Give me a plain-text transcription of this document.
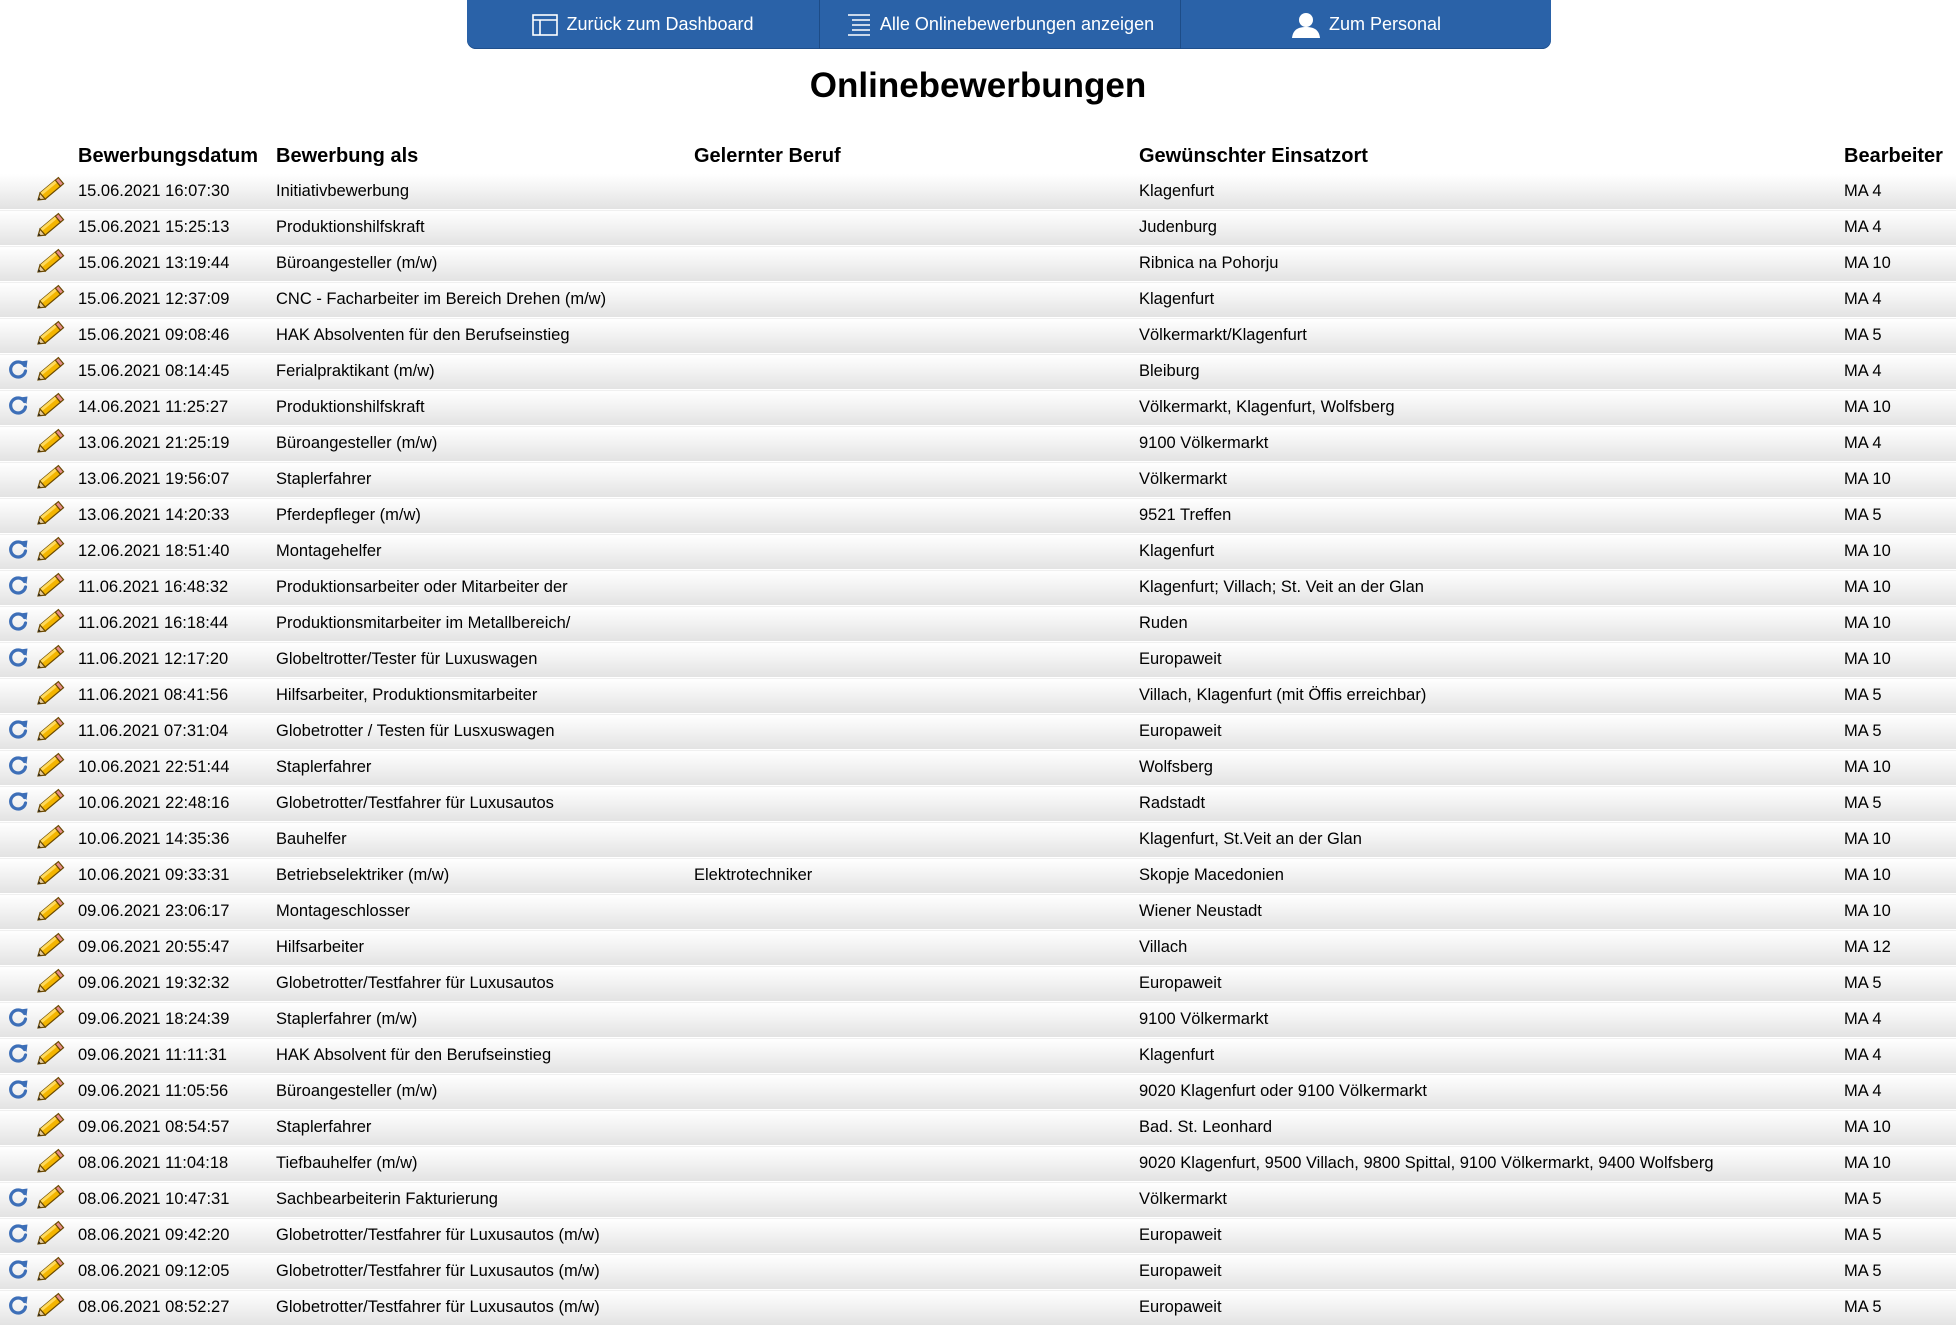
Zurück zum Dashboard	Alle Onlinebewerbungen anzeigen	Zum Personal
Onlinebewerbungen
		Bewerbungsdatum	Bewerbung als	Gelernter Beruf	Gewünschter Einsatzort	Bearbeiter

	15.06.2021 16:07:30	Initiativbewerbung		Klagenfurt	MA 4

	15.06.2021 15:25:13	Produktionshilfskraft		Judenburg	MA 4

	15.06.2021 13:19:44	Büroangesteller (m/w)		Ribnica na Pohorju	MA 10

	15.06.2021 12:37:09	CNC - Facharbeiter im Bereich Drehen (m/w)		Klagenfurt	MA 4

	15.06.2021 09:08:46	HAK Absolventen für den Berufseinstieg		Völkermarkt/Klagenfurt	MA 5

	15.06.2021 08:14:45	Ferialpraktikant (m/w)		Bleiburg	MA 4

	14.06.2021 11:25:27	Produktionshilfskraft		Völkermarkt, Klagenfurt, Wolfsberg	MA 10

	13.06.2021 21:25:19	Büroangesteller (m/w)		9100 Völkermarkt	MA 4

	13.06.2021 19:56:07	Staplerfahrer		Völkermarkt	MA 10

	13.06.2021 14:20:33	Pferdepfleger (m/w)		9521 Treffen	MA 5

	12.06.2021 18:51:40	Montagehelfer		Klagenfurt	MA 10

	11.06.2021 16:48:32	Produktionsarbeiter oder Mitarbeiter der		Klagenfurt; Villach; St. Veit an der Glan	MA 10

	11.06.2021 16:18:44	Produktionsmitarbeiter im Metallbereich/		Ruden	MA 10

	11.06.2021 12:17:20	Globeltrotter/Tester für Luxuswagen		Europaweit	MA 10

	11.06.2021 08:41:56	Hilfsarbeiter, Produktionsmitarbeiter		Villach, Klagenfurt (mit Öffis erreichbar)	MA 5

	11.06.2021 07:31:04	Globetrotter / Testen für Lusxuswagen		Europaweit	MA 5

	10.06.2021 22:51:44	Staplerfahrer		Wolfsberg	MA 10

	10.06.2021 22:48:16	Globetrotter/Testfahrer für Luxusautos		Radstadt	MA 5

	10.06.2021 14:35:36	Bauhelfer		Klagenfurt, St.Veit an der Glan	MA 10

	10.06.2021 09:33:31	Betriebselektriker (m/w)	Elektrotechniker	Skopje Macedonien	MA 10

	09.06.2021 23:06:17	Montageschlosser		Wiener Neustadt	MA 10

	09.06.2021 20:55:47	Hilfsarbeiter		Villach	MA 12

	09.06.2021 19:32:32	Globetrotter/Testfahrer für Luxusautos		Europaweit	MA 5

	09.06.2021 18:24:39	Staplerfahrer (m/w)		9100 Völkermarkt	MA 4

	09.06.2021 11:11:31	HAK Absolvent für den Berufseinstieg		Klagenfurt	MA 4

	09.06.2021 11:05:56	Büroangesteller (m/w)		9020 Klagenfurt oder 9100 Völkermarkt	MA 4

	09.06.2021 08:54:57	Staplerfahrer		Bad. St. Leonhard	MA 10

	08.06.2021 11:04:18	Tiefbauhelfer (m/w)		9020 Klagenfurt, 9500 Villach, 9800 Spittal, 9100 Völkermarkt, 9400 Wolfsberg	MA 10

	08.06.2021 10:47:31	Sachbearbeiterin Fakturierung		Völkermarkt	MA 5

	08.06.2021 09:42:20	Globetrotter/Testfahrer für Luxusautos (m/w)		Europaweit	MA 5

	08.06.2021 09:12:05	Globetrotter/Testfahrer für Luxusautos (m/w)		Europaweit	MA 5

	08.06.2021 08:52:27	Globetrotter/Testfahrer für Luxusautos (m/w)		Europaweit	MA 5
